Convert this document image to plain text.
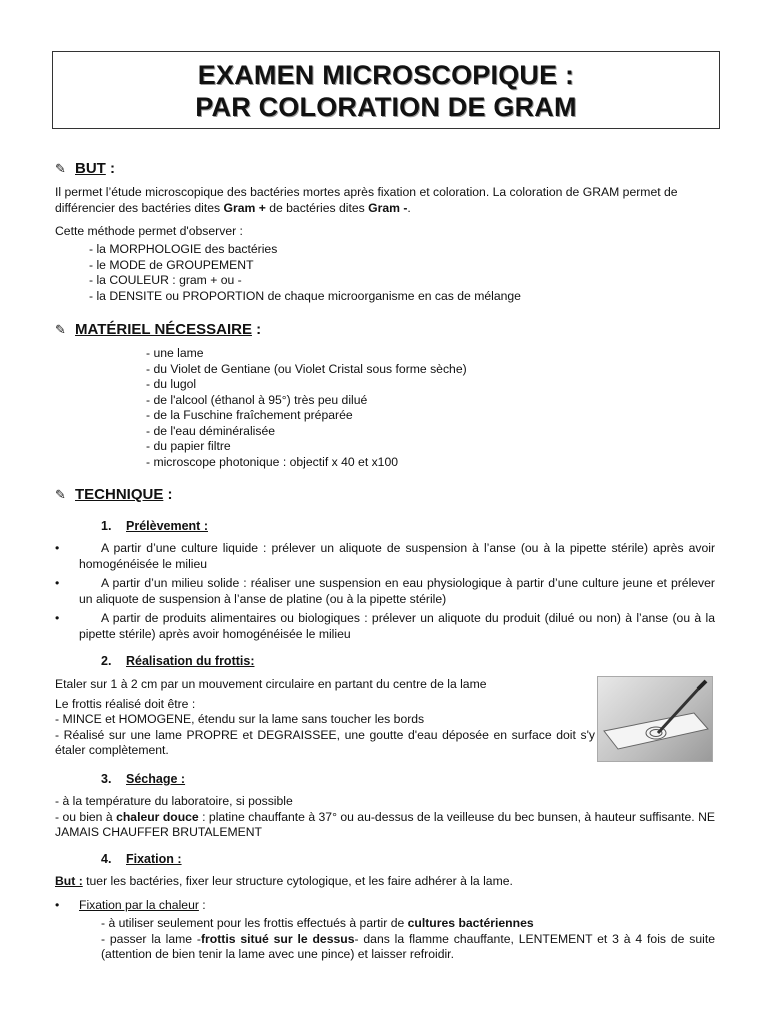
EXAMEN MICROSCOPIQUE :
PAR COLORATION DE GRAM
✎ BUT :

Il permet l’étude microscopique des bactéries mortes après fixation et coloration. La coloration de GRAM permet de différencier des bactéries dites Gram + de bactéries dites Gram -.

Cette méthode permet d'observer :
- la MORPHOLOGIE des bactéries
- le MODE de GROUPEMENT
- la COULEUR : gram + ou -
- la DENSITE ou PROPORTION de chaque microorganisme en cas de mélange
✎ MATÉRIEL NÉCESSAIRE :
- une lame
- du Violet de Gentiane (ou Violet Cristal sous forme sèche)
- du lugol
- de l'alcool (éthanol à 95°) très peu dilué
- de la Fuschine fraîchement préparée
- de l'eau déminéralisée
- du papier filtre
- microscope photonique : objectif x 40 et x100
✎ TECHNIQUE :
1. Prélèvement :
•	A partir d’une culture liquide : prélever un aliquote de suspension à l’anse (ou à la pipette stérile) après avoir homogénéisée le milieu
•	A partir d’un milieu solide : réaliser une suspension en eau physiologique à partir d’une culture jeune et prélever un aliquote de suspension à l’anse de platine (ou à la pipette stérile)
•	A partir de produits alimentaires ou biologiques : prélever un aliquote du produit (dilué ou non) à l’anse (ou à la pipette stérile) après avoir homogénéisée le milieu
2. Réalisation du frottis:

Etaler sur 1 à 2 cm par un mouvement circulaire en partant du centre de la lame

Le frottis réalisé doit être :

- MINCE et HOMOGENE, étendu sur la lame sans toucher les bords

- Réalisé sur une lame PROPRE et DEGRAISSEE, une goutte d'eau déposée en surface doit s'y étaler complètement.

3. Séchage :

- à la température du laboratoire, si possible

- ou bien à chaleur douce : platine chauffante à 37° ou au-dessus de la veilleuse du bec bunsen, à hauteur suffisante. NE JAMAIS CHAUFFER BRUTALEMENT

4. Fixation :

But : tuer les bactéries, fixer leur structure cytologique, et les faire adhérer à la lame.

• Fixation par la chaleur :

- à utiliser seulement pour les frottis effectués à partir de cultures bactériennes

- passer la lame -frottis situé sur le dessus- dans la flamme chauffante, LENTEMENT et 3 à 4 fois de suite (attention de bien tenir la lame avec une pince) et laisser refroidir.
